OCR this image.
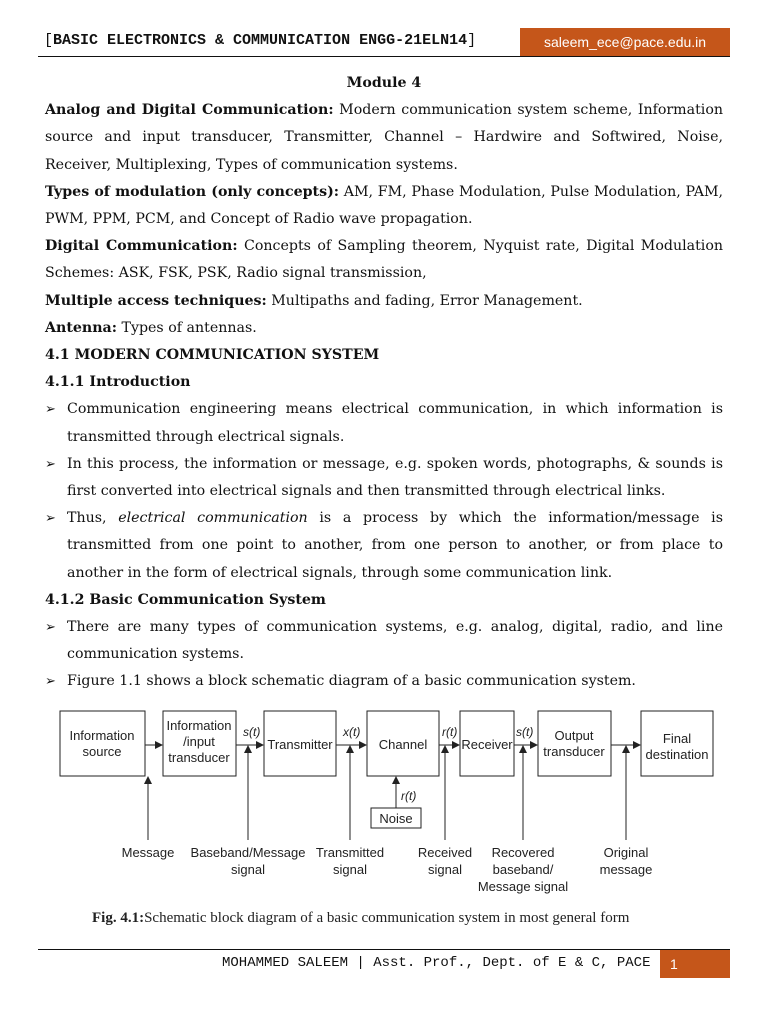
[BASIC ELECTRONICS & COMMUNICATION ENGG-21ELN14]	saleem_ece@pace.edu.in

Module 4

Analog and Digital Communication: Modern communication system scheme, Information source and input transducer, Transmitter, Channel – Hardwire and Softwired, Noise, Receiver, Multiplexing, Types of communication systems.

Types of modulation (only concepts): AM, FM, Phase Modulation, Pulse Modulation, PAM, PWM, PPM, PCM, and Concept of Radio wave propagation.

Digital Communication: Concepts of Sampling theorem, Nyquist rate, Digital Modulation Schemes: ASK, FSK, PSK, Radio signal transmission,

Multiple access techniques: Multipaths and fading, Error Management.

Antenna: Types of antennas.

4.1 MODERN COMMUNICATION SYSTEM

4.1.1 Introduction

➢ Communication engineering means electrical communication, in which information is transmitted through electrical signals.
➢ In this process, the information or message, e.g. spoken words, photographs, & sounds is first converted into electrical signals and then transmitted through electrical links.
➢ Thus, electrical communication is a process by which the information/message is transmitted from one point to another, from one person to another, or from place to another in the form of electrical signals, through some communication link.

4.1.2 Basic Communication System

➢ There are many types of communication systems, e.g. analog, digital, radio, and line communication systems.
➢ Figure 1.1 shows a block schematic diagram of a basic communication system.
Information source
Information /input transducer
Transmitter	Channel	Receiver
Output transducer
Final destination
Noise
s(t)	x(t)	r(t)	s(t)
r(t)
Message Baseband/Message signal
Transmitted signal
Received signal
Recovered baseband/ Message signal
Original message
Fig. 4.1:Schematic block diagram of a basic communication system in most general form
MOHAMMED SALEEM | Asst. Prof., Dept. of E & C, PACE	1
